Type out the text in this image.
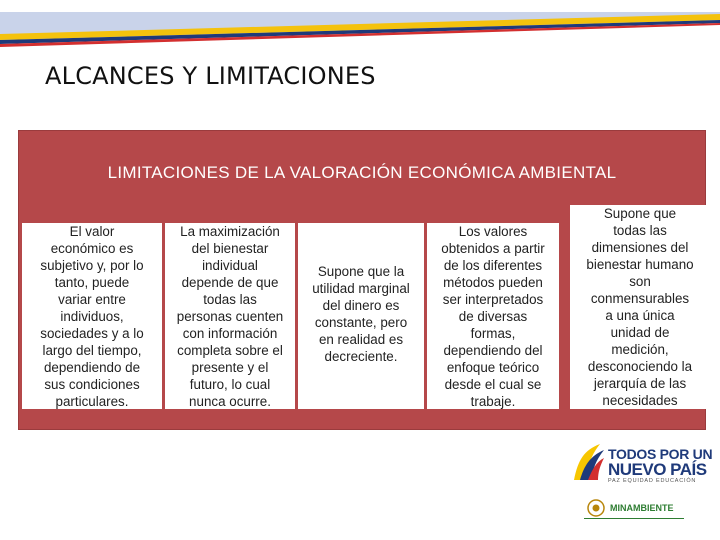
ALCANCES Y LIMITACIONES
LIMITACIONES DE LA VALORACIÓN ECONÓMICA AMBIENTAL
El valor
económico es
subjetivo y, por lo
tanto, puede
variar entre
individuos,
sociedades y a lo
largo del tiempo,
dependiendo de
sus condiciones
particulares.
La maximización
del bienestar
individual
depende de que
todas las
personas cuenten
con información
completa sobre el
presente y el
futuro, lo cual
nunca ocurre.
Supone que la
utilidad marginal
del dinero es
constante, pero
en realidad es
decreciente.
Los valores
obtenidos a partir
de los diferentes
métodos pueden
ser interpretados
de diversas
formas,
dependiendo del
enfoque teórico
desde el cual se
trabaje.
Supone que
todas las
dimensiones del
bienestar humano
son
conmensurables
a una única
unidad de
medición,
desconociendo la
jerarquía de las
necesidades
TODOS POR UN
NUEVO PAÍS
PAZ EQUIDAD EDUCACIÓN
MINAMBIENTE
